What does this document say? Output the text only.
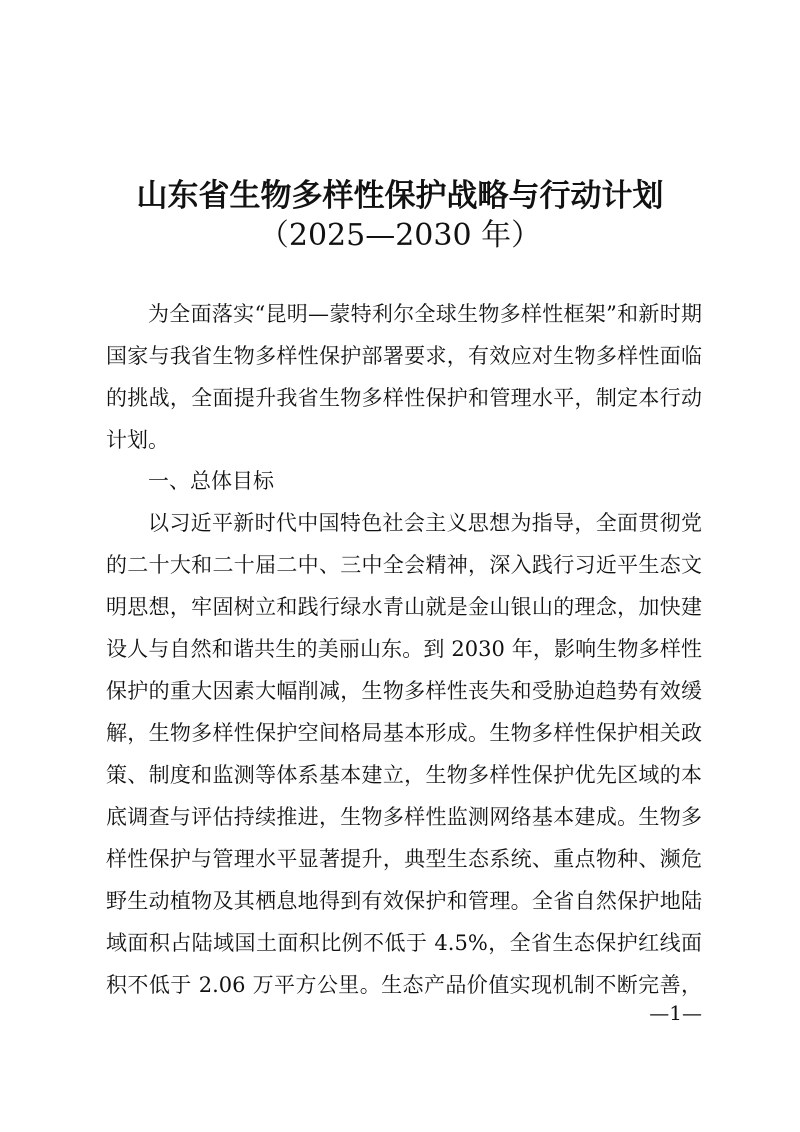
山东省生物多样性保护战略与行动计划
（2025—2030 年）
为全面落实“昆明—蒙特利尔全球生物多样性框架”和新时期
国家与我省生物多样性保护部署要求，有效应对生物多样性面临
的挑战，全面提升我省生物多样性保护和管理水平，制定本行动
计划。
一、总体目标
以习近平新时代中国特色社会主义思想为指导，全面贯彻党
的二十大和二十届二中、三中全会精神，深入践行习近平生态文
明思想，牢固树立和践行绿水青山就是金山银山的理念，加快建
设人与自然和谐共生的美丽山东。到 2030 年，影响生物多样性
保护的重大因素大幅削减，生物多样性丧失和受胁迫趋势有效缓
解，生物多样性保护空间格局基本形成。生物多样性保护相关政
策、制度和监测等体系基本建立，生物多样性保护优先区域的本
底调查与评估持续推进，生物多样性监测网络基本建成。生物多
样性保护与管理水平显著提升，典型生态系统、重点物种、濒危
野生动植物及其栖息地得到有效保护和管理。全省自然保护地陆
域面积占陆域国土面积比例不低于 4.5%，全省生态保护红线面
积不低于 2.06 万平方公里。生态产品价值实现机制不断完善，
—1—
